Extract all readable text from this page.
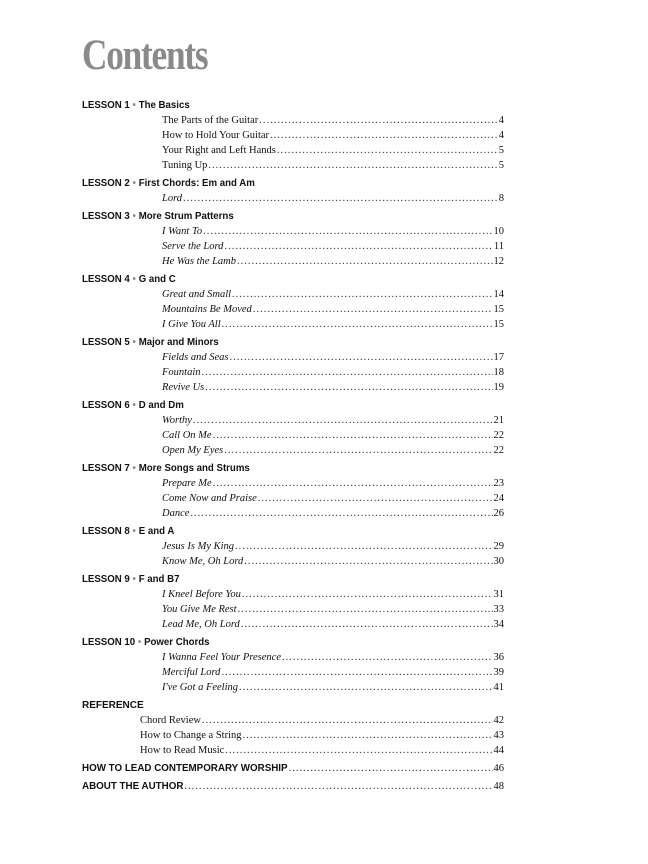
Contents
LESSON 1 • The Basics
The Parts of the Guitar .....	4
How to Hold Your Guitar .....	4
Your Right and Left Hands .....	5
Tuning Up .....	5
LESSON 2 • First Chords: Em and Am
Lord .....	8
LESSON 3 • More Strum Patterns
I Want To .....	10
Serve the Lord .....	11
He Was the Lamb .....	12
LESSON 4 • G and C
Great and Small .....	14
Mountains Be Moved .....	15
I Give You All .....	15
LESSON 5 • Major and Minors
Fields and Seas .....	17
Fountain .....	18
Revive Us .....	19
LESSON 6 • D and Dm
Worthy .....	21
Call On Me .....	22
Open My Eyes .....	22
LESSON 7 • More Songs and Strums
Prepare Me .....	23
Come Now and Praise .....	24
Dance .....	26
LESSON 8 • E and A
Jesus Is My King .....	29
Know Me, Oh Lord .....	30
LESSON 9 • F and B7
I Kneel Before You .....	31
You Give Me Rest .....	33
Lead Me, Oh Lord .....	34
LESSON 10 • Power Chords
I Wanna Feel Your Presence .....	36
Merciful Lord .....	39
I've Got a Feeling .....	41
REFERENCE
Chord Review .....	42
How to Change a String .....	43
How to Read Music .....	44
HOW TO LEAD CONTEMPORARY WORSHIP .....	46
ABOUT THE AUTHOR .....	48
